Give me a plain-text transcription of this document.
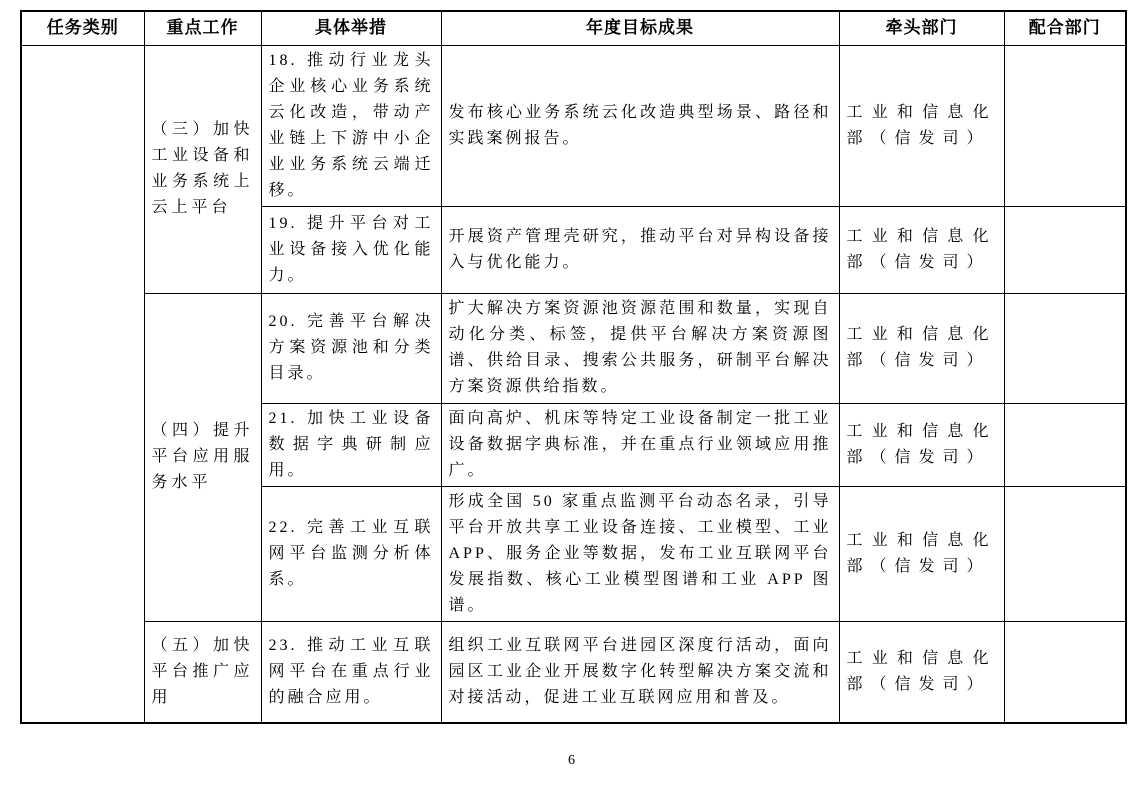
任务类别	重点工作	具体举措	年度目标成果	牵头部门	配合部门
	（三）加快工业设备和业务系统上云上平台	18. 推动行业龙头企业核心业务系统云化改造，带动产业链上下游中小企业业务系统云端迁移。	发布核心业务系统云化改造典型场景、路径和实践案例报告。	工业和信息化部（信发司）	
		19. 提升平台对工业设备接入优化能力。	开展资产管理壳研究，推动平台对异构设备接入与优化能力。	工业和信息化部（信发司）	
	（四）提升平台应用服务水平	20. 完善平台解决方案资源池和分类目录。	扩大解决方案资源池资源范围和数量，实现自动化分类、标签，提供平台解决方案资源图谱、供给目录、搜索公共服务，研制平台解决方案资源供给指数。	工业和信息化部（信发司）	
		21. 加快工业设备数据字典研制应用。	面向高炉、机床等特定工业设备制定一批工业设备数据字典标准，并在重点行业领域应用推广。	工业和信息化部（信发司）	
		22. 完善工业互联网平台监测分析体系。	形成全国 50 家重点监测平台动态名录，引导平台开放共享工业设备连接、工业模型、工业 APP、服务企业等数据，发布工业互联网平台发展指数、核心工业模型图谱和工业 APP 图谱。	工业和信息化部（信发司）	
	（五）加快平台推广应用	23. 推动工业互联网平台在重点行业的融合应用。	组织工业互联网平台进园区深度行活动，面向园区工业企业开展数字化转型解决方案交流和对接活动，促进工业互联网应用和普及。	工业和信息化部（信发司）	
6
